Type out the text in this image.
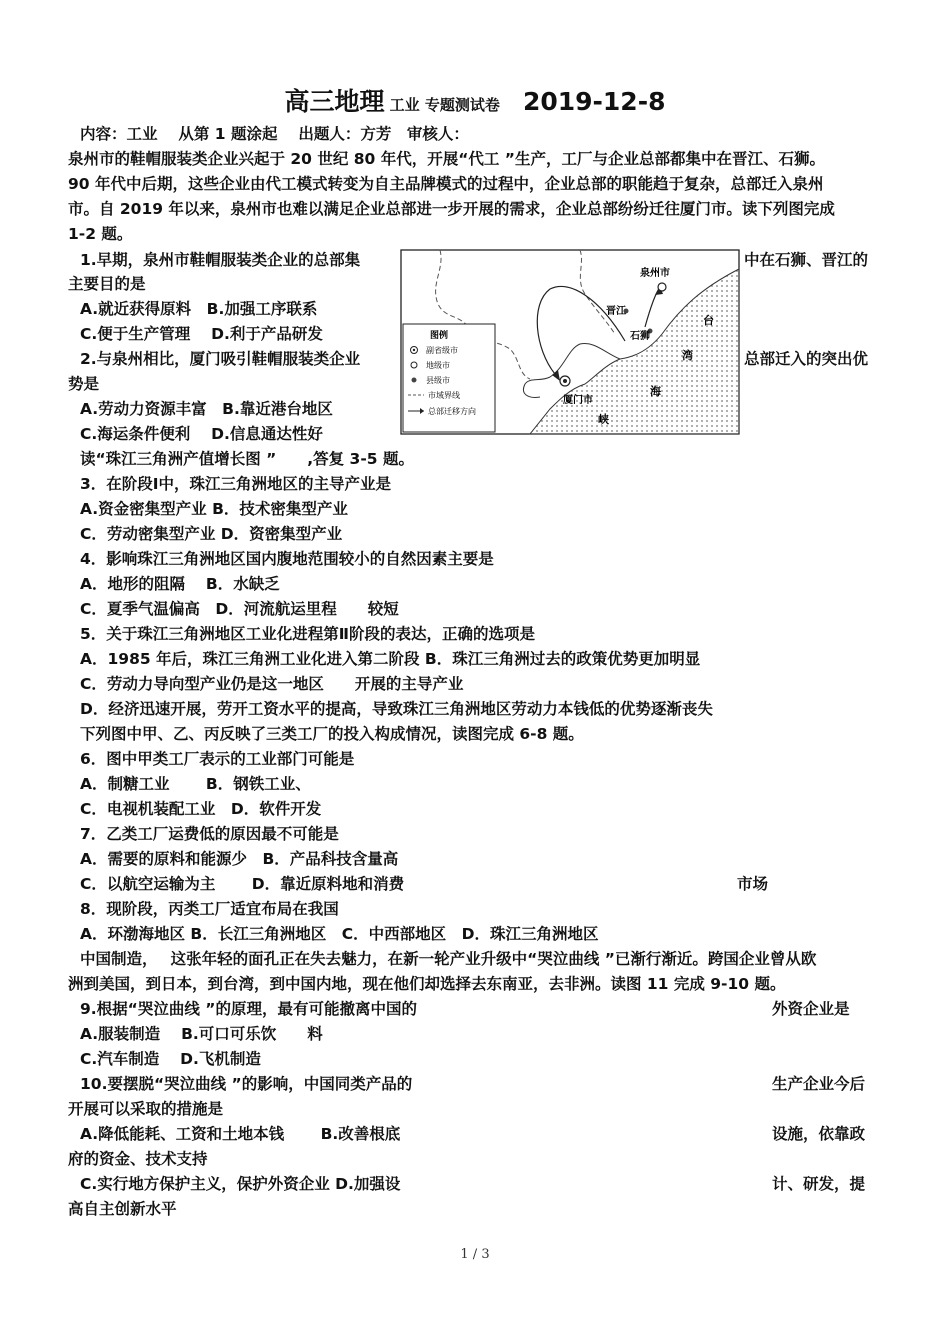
高三地理 工业 专题测试卷 2019-12-8
内容：工业　 从第 1 题涂起　 出题人：方芳　审核人：
泉州市的鞋帽服装类企业兴起于 20 世纪 80 年代，开展“代工 ”生产，工厂与企业总部都集中在晋江、石狮。
90 年代中后期，这些企业由代工模式转变为自主品牌模式的过程中，企业总部的职能趋于复杂，总部迁入泉州
市。自 2019 年以来，泉州市也难以满足企业总部进一步开展的需求，企业总部纷纷迁往厦门市。读下列图完成
1-2 题。
1.早期，泉州市鞋帽服装类企业的总部集	中在石狮、晋江的
主要目的是
A.就近获得原料　B.加强工序联系
C.便于生产管理　 D.利于产品研发
2.与泉州相比，厦门吸引鞋帽服装类企业	总部迁入的突出优
势是
A.劳动力资源丰富　B.靠近港台地区
C.海运条件便利　 D.信息通达性好
泉州市
晋江
石狮
厦门市
台
湾
海
峡
图例
副省级市
地级市
县级市
市域界线
总部迁移方向
读“珠江三角洲产值增长图 ”　　,答复 3-5 题。
3．在阶段Ⅰ中，珠江三角洲地区的主导产业是
A.资金密集型产业 B．技术密集型产业
C．劳动密集型产业 D．资密集型产业
4．影响珠江三角洲地区国内腹地范围较小的自然因素主要是
A．地形的阻隔　 B．水缺乏
C．夏季气温偏高　D．河流航运里程　　较短
5．关于珠江三角洲地区工业化进程第Ⅱ阶段的表达，正确的选项是
A．1985 年后，珠江三角洲工业化进入第二阶段 B．珠江三角洲过去的政策优势更加明显
C．劳动力导向型产业仍是这一地区　　开展的主导产业
D．经济迅速开展，劳开工资水平的提高，导致珠江三角洲地区劳动力本钱低的优势逐渐丧失
下列图中甲、乙、丙反映了三类工厂的投入构成情况，读图完成 6-8 题。
6．图中甲类工厂表示的工业部门可能是
A．制糖工业　　 B．钢铁工业、
C．电视机装配工业　D．软件开发
7．乙类工厂运费低的原因最不可能是
A．需要的原料和能源少　B．产品科技含量高
C．以航空运输为主　　 D．靠近原料地和消费	市场
8．现阶段，丙类工厂适宜布局在我国
A．环渤海地区 B．长江三角洲地区　C．中西部地区　D．珠江三角洲地区
中国制造，　 这张年轻的面孔正在失去魅力，在新一轮产业升级中“哭泣曲线 ”已渐行渐近。跨国企业曾从欧
洲到美国，到日本，到台湾，到中国内地，现在他们却选择去东南亚，去非洲。读图 11 完成 9-10 题。
9.根据“哭泣曲线 ”的原理，最有可能撤离中国的	外资企业是
A.服装制造　 B.可口可乐饮　　料
C.汽车制造　 D.飞机制造
10.要摆脱“哭泣曲线 ”的影响，中国同类产品的	生产企业今后
开展可以采取的措施是
A.降低能耗、工资和土地本钱　　 B.改善根底	设施，依靠政
府的资金、技术支持
C.实行地方保护主义，保护外资企业 D.加强设	计、研发，提
高自主创新水平
1 / 3
